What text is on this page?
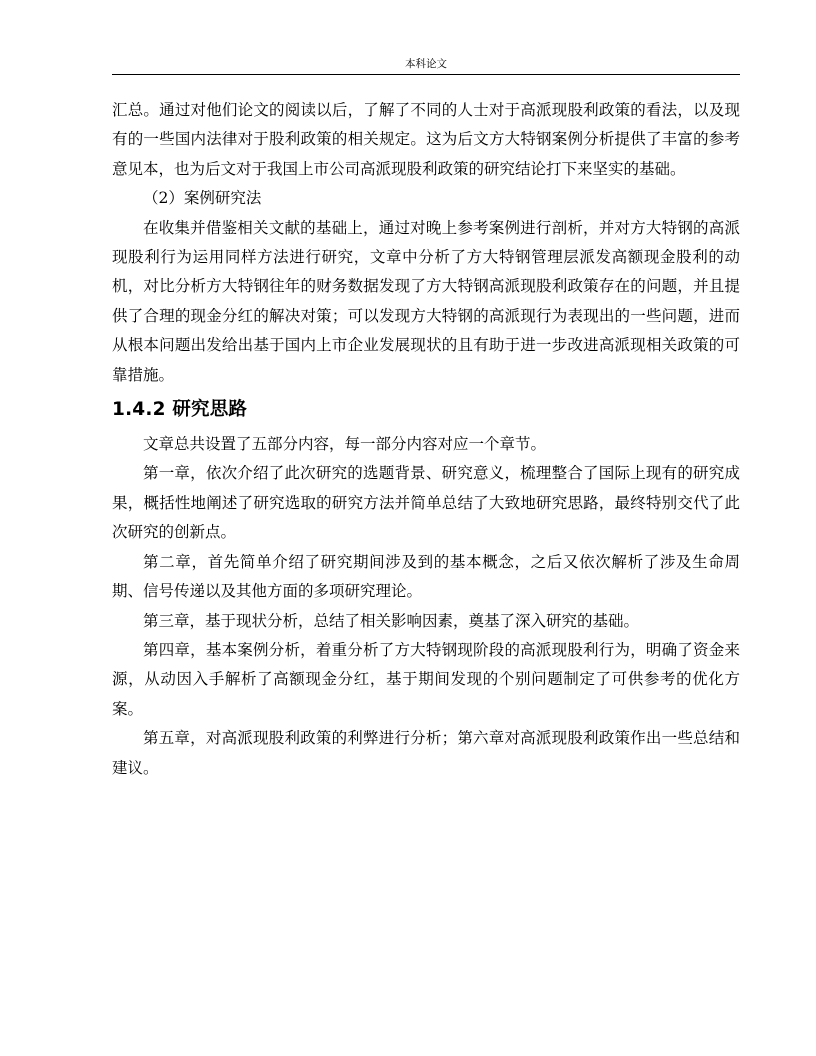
本科论文

汇总。通过对他们论文的阅读以后，了解了不同的人士对于高派现股利政策的看法，以及现有的一些国内法律对于股利政策的相关规定。这为后文方大特钢案例分析提供了丰富的参考意见本，也为后文对于我国上市公司高派现股利政策的研究结论打下来坚实的基础。

（2）案例研究法

在收集并借鉴相关文献的基础上，通过对晚上参考案例进行剖析，并对方大特钢的高派现股利行为运用同样方法进行研究，文章中分析了方大特钢管理层派发高额现金股利的动机，对比分析方大特钢往年的财务数据发现了方大特钢高派现股利政策存在的问题，并且提供了合理的现金分红的解决对策；可以发现方大特钢的高派现行为表现出的一些问题，进而从根本问题出发给出基于国内上市企业发展现状的且有助于进一步改进高派现相关政策的可靠措施。

1.4.2 研究思路

文章总共设置了五部分内容，每一部分内容对应一个章节。

第一章，依次介绍了此次研究的选题背景、研究意义，梳理整合了国际上现有的研究成果，概括性地阐述了研究选取的研究方法并简单总结了大致地研究思路，最终特别交代了此次研究的创新点。

第二章，首先简单介绍了研究期间涉及到的基本概念，之后又依次解析了涉及生命周期、信号传递以及其他方面的多项研究理论。

第三章，基于现状分析，总结了相关影响因素，奠基了深入研究的基础。

第四章，基本案例分析，着重分析了方大特钢现阶段的高派现股利行为，明确了资金来源，从动因入手解析了高额现金分红，基于期间发现的个别问题制定了可供参考的优化方案。

第五章，对高派现股利政策的利弊进行分析；第六章对高派现股利政策作出一些总结和建议。
